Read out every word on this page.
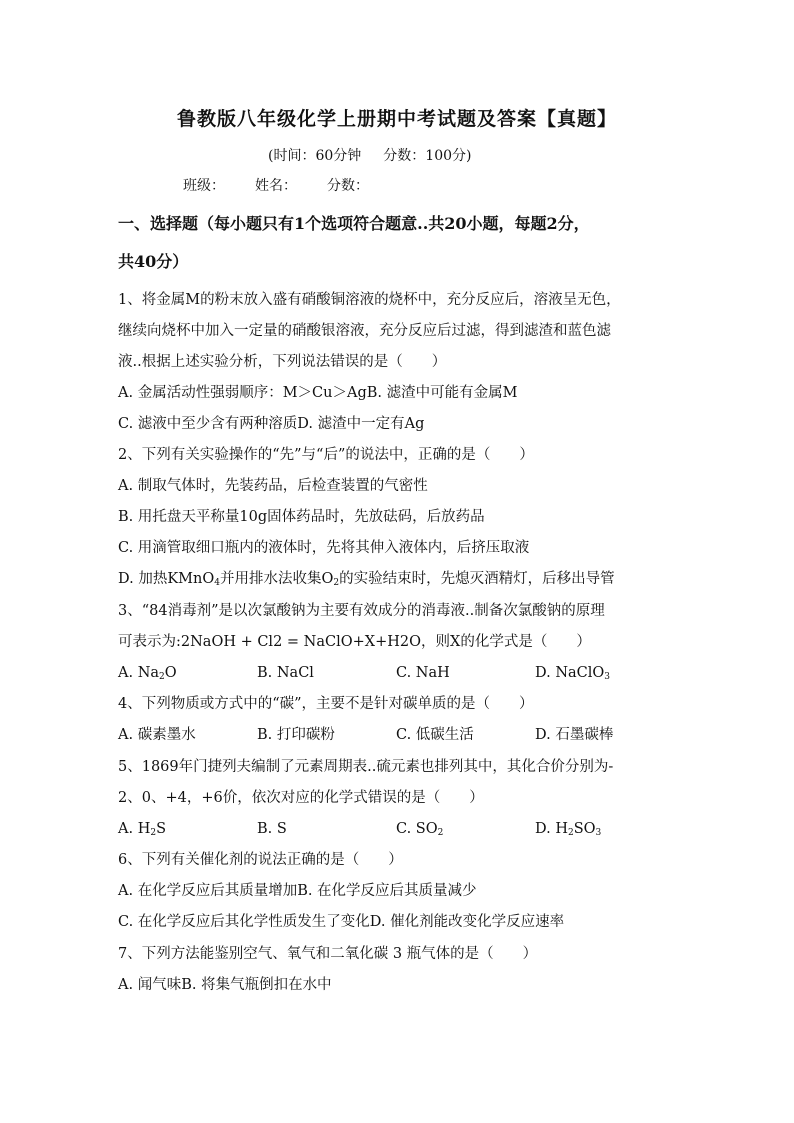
鲁教版八年级化学上册期中考试题及答案【真题】
(时间：60分钟 分数：100分)
班级： 姓名： 分数：
一、选择题（每小题只有1个选项符合题意..共20小题，每题2分，
共40分）
1、将金属M的粉末放入盛有硝酸铜溶液的烧杯中，充分反应后，溶液呈无色，
继续向烧杯中加入一定量的硝酸银溶液，充分反应后过滤，得到滤渣和蓝色滤
液..根据上述实验分析，下列说法错误的是（　　）
A. 金属活动性强弱顺序：M＞Cu＞AgB. 滤渣中可能有金属M
C. 滤液中至少含有两种溶质D. 滤渣中一定有Ag
2、下列有关实验操作的“先”与“后”的说法中，正确的是（　　）
A. 制取气体时，先装药品，后检查装置的气密性
B. 用托盘天平称量10g固体药品时，先放砝码，后放药品
C. 用滴管取细口瓶内的液体时，先将其伸入液体内，后挤压取液
D. 加热KMnO$_4$并用排水法收集$O_2$的实验结束时，先熄灭酒精灯，后移出导管
3、“84消毒剂”是以次氯酸钠为主要有效成分的消毒液..制备次氯酸钠的原理
可表示为:2NaOH + Cl2 = NaClO+X+H2O，则X的化学式是（　　）
A. $Na_2O$	B. NaCl	C. NaH	D. NaClO$_3$
4、下列物质或方式中的“碳”，主要不是针对碳单质的是（　　）
A. 碳素墨水	B. 打印碳粉	C. 低碳生活	D. 石墨碳棒
5、1869年门捷列夫编制了元素周期表..硫元素也排列其中，其化合价分别为-
2、0、+4，+6价，依次对应的化学式错误的是（　　）
A. $H_2S$	B. S	C. $SO_2$	D. $H_2SO_3$
6、下列有关催化剂的说法正确的是（　　）
A. 在化学反应后其质量增加B. 在化学反应后其质量减少
C. 在化学反应后其化学性质发生了变化D. 催化剂能改变化学反应速率
7、下列方法能鉴别空气、氧气和二氧化碳 3 瓶气体的是（　　）
A. 闻气味B. 将集气瓶倒扣在水中
